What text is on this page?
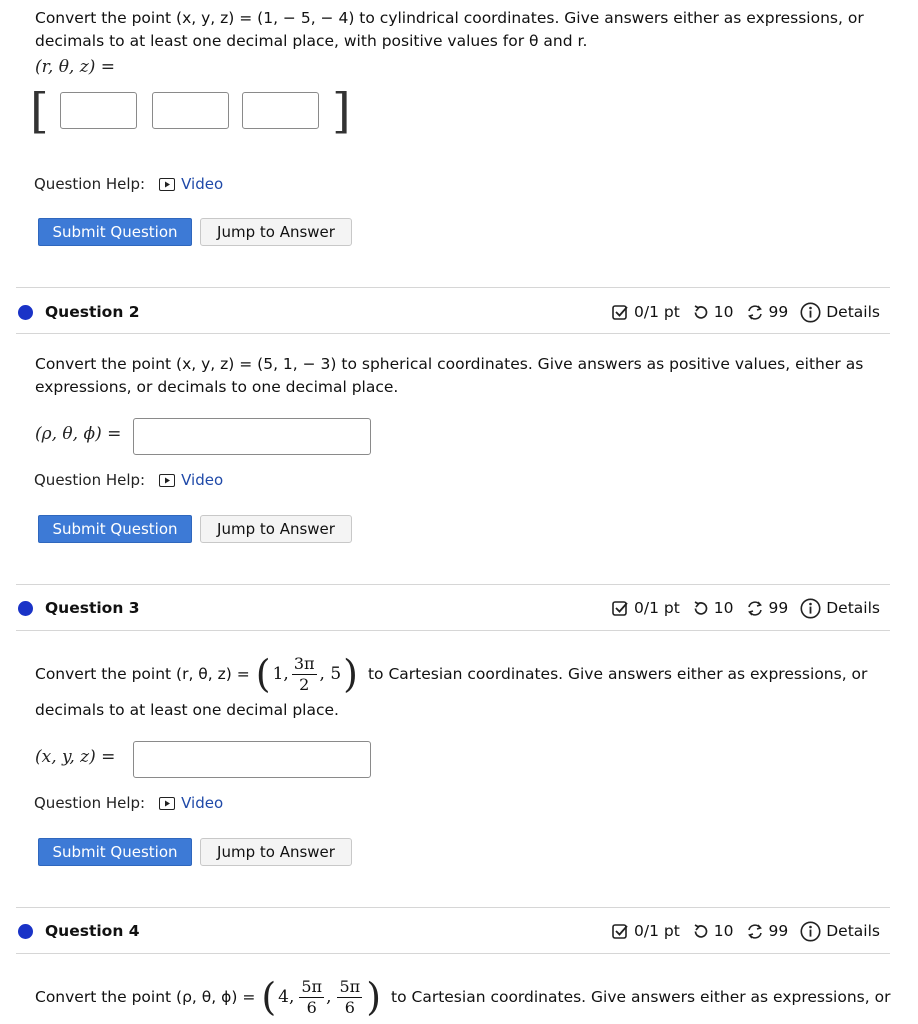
Convert the point (x, y, z) = (1, − 5, − 4) to cylindrical coordinates. Give answers either as expressions, or
decimals to at least one decimal place, with positive values for θ and r.
(r, θ, z) =
[	]
Question Help: Video
Submit Question	Jump to Answer
Question 2	0/1 pt 10 99 Details
Convert the point (x, y, z) = (5, 1, − 3) to spherical coordinates. Give answers as positive values, either as
expressions, or decimals to one decimal place.
(ρ, θ, ϕ) =
Question Help: Video
Submit Question	Jump to Answer
Question 3	0/1 pt 10 99 Details
Convert the point (r, θ, z) = ( 1, $\frac{3\pi}{2}$ , 5 ) to Cartesian coordinates. Give answers either as expressions, or
decimals to at least one decimal place.
(x, y, z) =
Question Help: Video
Submit Question	Jump to Answer
Question 4	0/1 pt 10 99 Details
Convert the point (ρ, θ, ϕ) = ( 4, $\frac{5\pi}{6}$ , $\frac{5\pi}{6}$ ) to Cartesian coordinates. Give answers either as expressions, or
